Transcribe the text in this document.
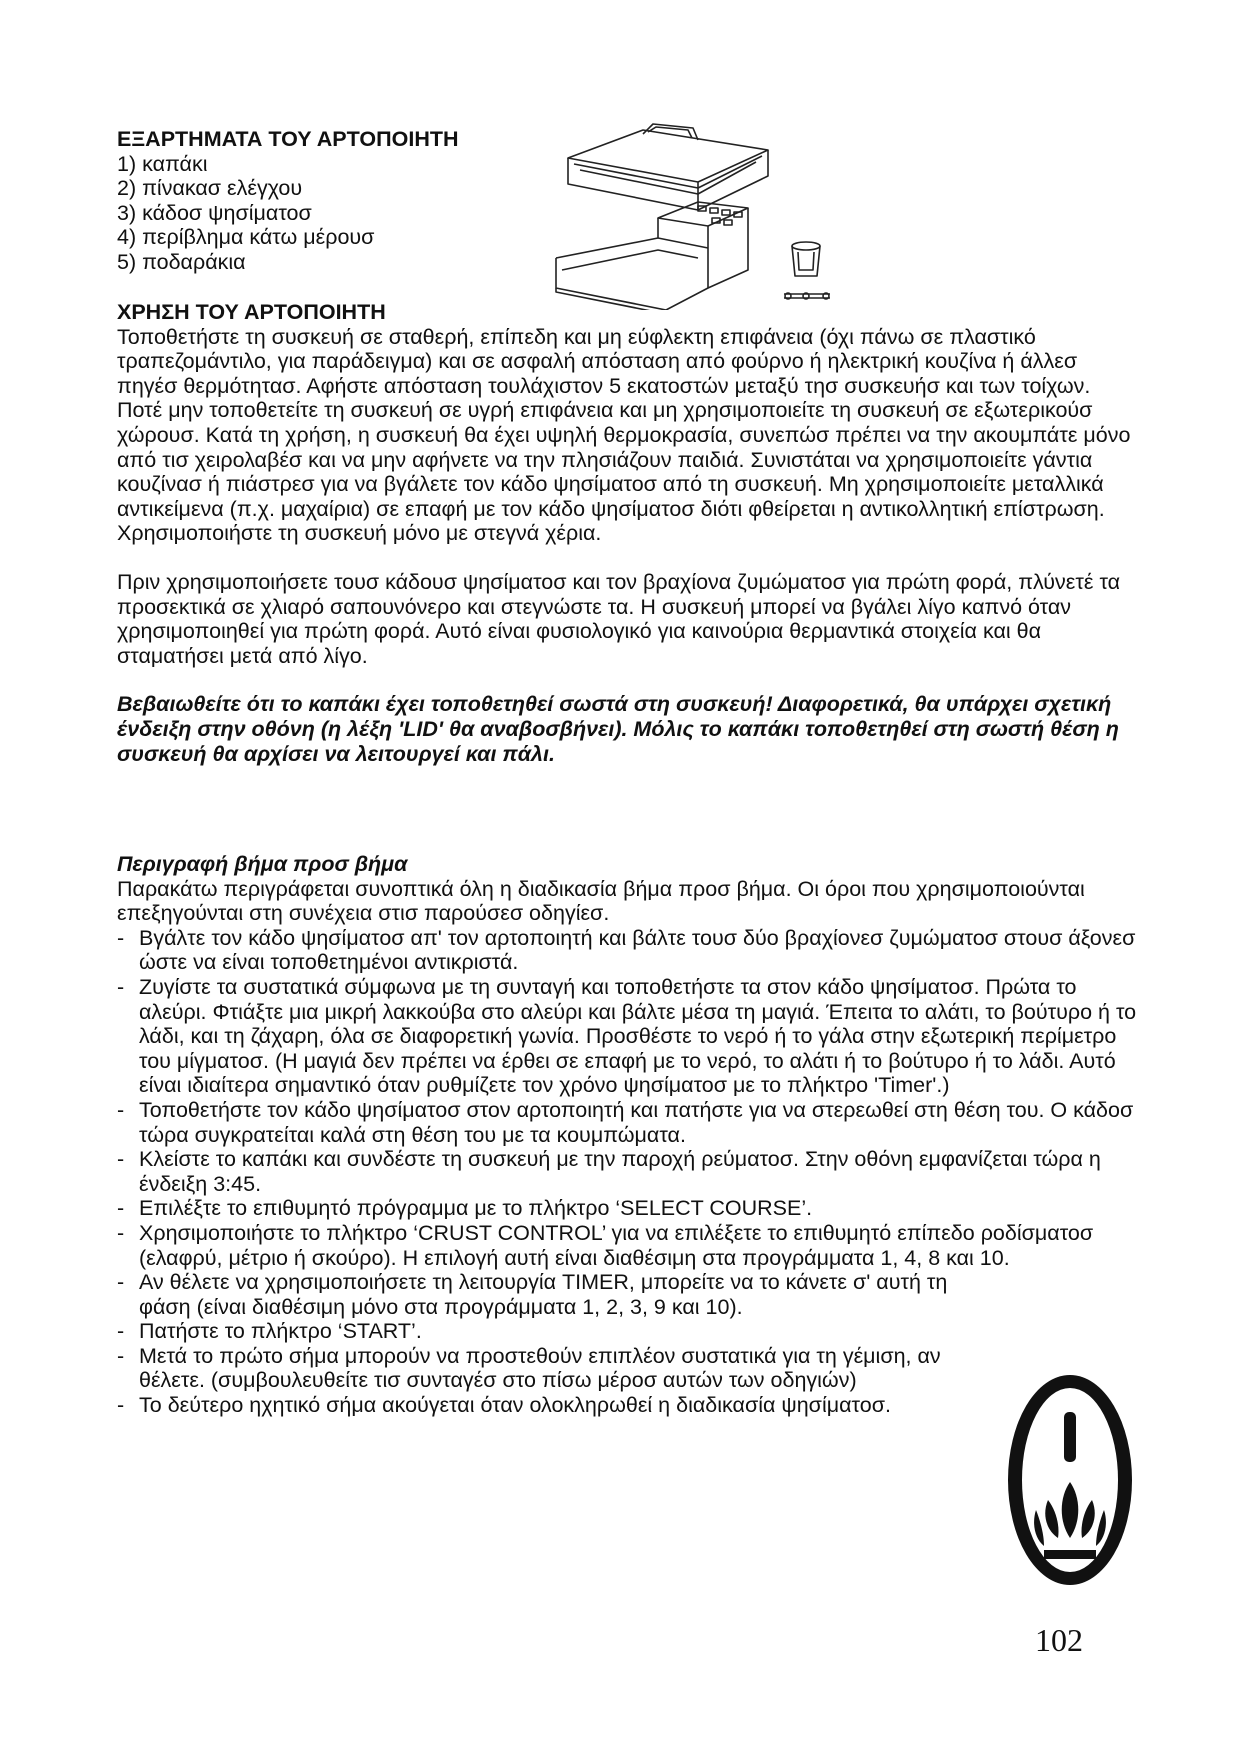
ΕΞΑΡΤΗΜΑΤΑ ΤΟΥ ΑΡΤΟΠΟΙΗΤΗ

1) καπάκι

2) πίνακασ ελέγχου

3) κάδοσ ψησίματοσ

4) περίβλημα κάτω μέρουσ

5) ποδαράκια

ΧΡΗΣΗ ΤΟΥ ΑΡΤΟΠΟΙΗΤΗ

Τοποθετήστε τη συσκευή σε σταθερή, επίπεδη και μη εύφλεκτη επιφάνεια (όχι πάνω σε πλαστικό τραπεζομάντιλο, για παράδειγμα) και σε ασφαλή απόσταση από φούρνο ή ηλεκτρική κουζίνα ή άλλεσ πηγέσ θερμότητασ. Αφήστε απόσταση τουλάχιστον 5 εκατοστών μεταξύ τησ συσκευήσ και των τοίχων. Ποτέ μην τοποθετείτε τη συσκευή σε υγρή επιφάνεια και μη χρησιμοποιείτε τη συσκευή σε εξωτερικούσ χώρουσ. Κατά τη χρήση, η συσκευή θα έχει υψηλή θερμοκρασία, συνεπώσ πρέπει να την ακουμπάτε μόνο από τισ χειρολαβέσ και να μην αφήνετε να την πλησιάζουν παιδιά. Συνιστάται να χρησιμοποιείτε γάντια κουζίνασ ή πιάστρεσ για να βγάλετε τον κάδο ψησίματοσ από τη συσκευή. Μη χρησιμοποιείτε μεταλλικά αντικείμενα (π.χ. μαχαίρια) σε επαφή με τον κάδο ψησίματοσ διότι φθείρεται η αντικολλητική επίστρωση. Χρησιμοποιήστε τη συσκευή μόνο με στεγνά χέρια.

Πριν χρησιμοποιήσετε τουσ κάδουσ ψησίματοσ και τον βραχίονα ζυμώματοσ για πρώτη φορά, πλύνετέ τα προσεκτικά σε χλιαρό σαπουνόνερο και στεγνώστε τα. Η συσκευή μπορεί να βγάλει λίγο καπνό όταν χρησιμοποιηθεί για πρώτη φορά. Αυτό είναι φυσιολογικό για καινούρια θερμαντικά στοιχεία και θα σταματήσει μετά από λίγο.

Βεβαιωθείτε ότι το καπάκι έχει τοποθετηθεί σωστά στη συσκευή! Διαφορετικά, θα υπάρχει σχετική ένδειξη στην οθόνη (η λέξη 'LID' θα αναβοσβήνει). Μόλις το καπάκι τοποθετηθεί στη σωστή θέση η συσκευή θα αρχίσει να λειτουργεί και πάλι.

Περιγραφή βήμα προσ βήμα

Παρακάτω περιγράφεται συνοπτικά όλη η διαδικασία βήμα προσ βήμα. Οι όροι που χρησιμοποιούνται επεξηγούνται στη συνέχεια στισ παρούσεσ οδηγίεσ.

- Βγάλτε τον κάδο ψησίματοσ απ' τον αρτοποιητή και βάλτε τουσ δύο βραχίονεσ ζυμώματοσ στουσ άξονεσ ώστε να είναι τοποθετημένοι αντικριστά.
- Ζυγίστε τα συστατικά σύμφωνα με τη συνταγή και τοποθετήστε τα στον κάδο ψησίματοσ. Πρώτα το αλεύρι. Φτιάξτε μια μικρή λακκούβα στο αλεύρι και βάλτε μέσα τη μαγιά. Έπειτα το αλάτι, το βούτυρο ή το λάδι, και τη ζάχαρη, όλα σε διαφορετική γωνία. Προσθέστε το νερό ή το γάλα στην εξωτερική περίμετρο του μίγματοσ. (Η μαγιά δεν πρέπει να έρθει σε επαφή με το νερό, το αλάτι ή το βούτυρο ή το λάδι. Αυτό είναι ιδιαίτερα σημαντικό όταν ρυθμίζετε τον χρόνο ψησίματοσ με το πλήκτρο 'Timer'.)
- Τοποθετήστε τον κάδο ψησίματοσ στον αρτοποιητή και πατήστε για να στερεωθεί στη θέση του. Ο κάδοσ τώρα συγκρατείται καλά στη θέση του με τα κουμπώματα.
- Κλείστε το καπάκι και συνδέστε τη συσκευή με την παροχή ρεύματοσ. Στην οθόνη εμφανίζεται τώρα η ένδειξη 3:45.
- Επιλέξτε το επιθυμητό πρόγραμμα με το πλήκτρο ‘SELECT COURSE’.
- Χρησιμοποιήστε το πλήκτρο ‘CRUST CONTROL’ για να επιλέξετε το επιθυμητό επίπεδο ροδίσματοσ (ελαφρύ, μέτριο ή σκούρο). Η επιλογή αυτή είναι διαθέσιμη στα προγράμματα 1, 4, 8 και 10.
- Αν θέλετε να χρησιμοποιήσετε τη λειτουργία TIMER, μπορείτε να το κάνετε σ' αυτή τη φάση (είναι διαθέσιμη μόνο στα προγράμματα 1, 2, 3, 9 και 10).
- Πατήστε το πλήκτρο ‘START’.
- Μετά το πρώτο σήμα μπορούν να προστεθούν επιπλέον συστατικά για τη γέμιση, αν θέλετε. (συμβουλευθείτε τισ συνταγέσ στο πίσω μέρoσ αυτών των οδηγιών)
- Το δεύτερο ηχητικό σήμα ακούγεται όταν ολοκληρωθεί η διαδικασία ψησίματοσ.
102
